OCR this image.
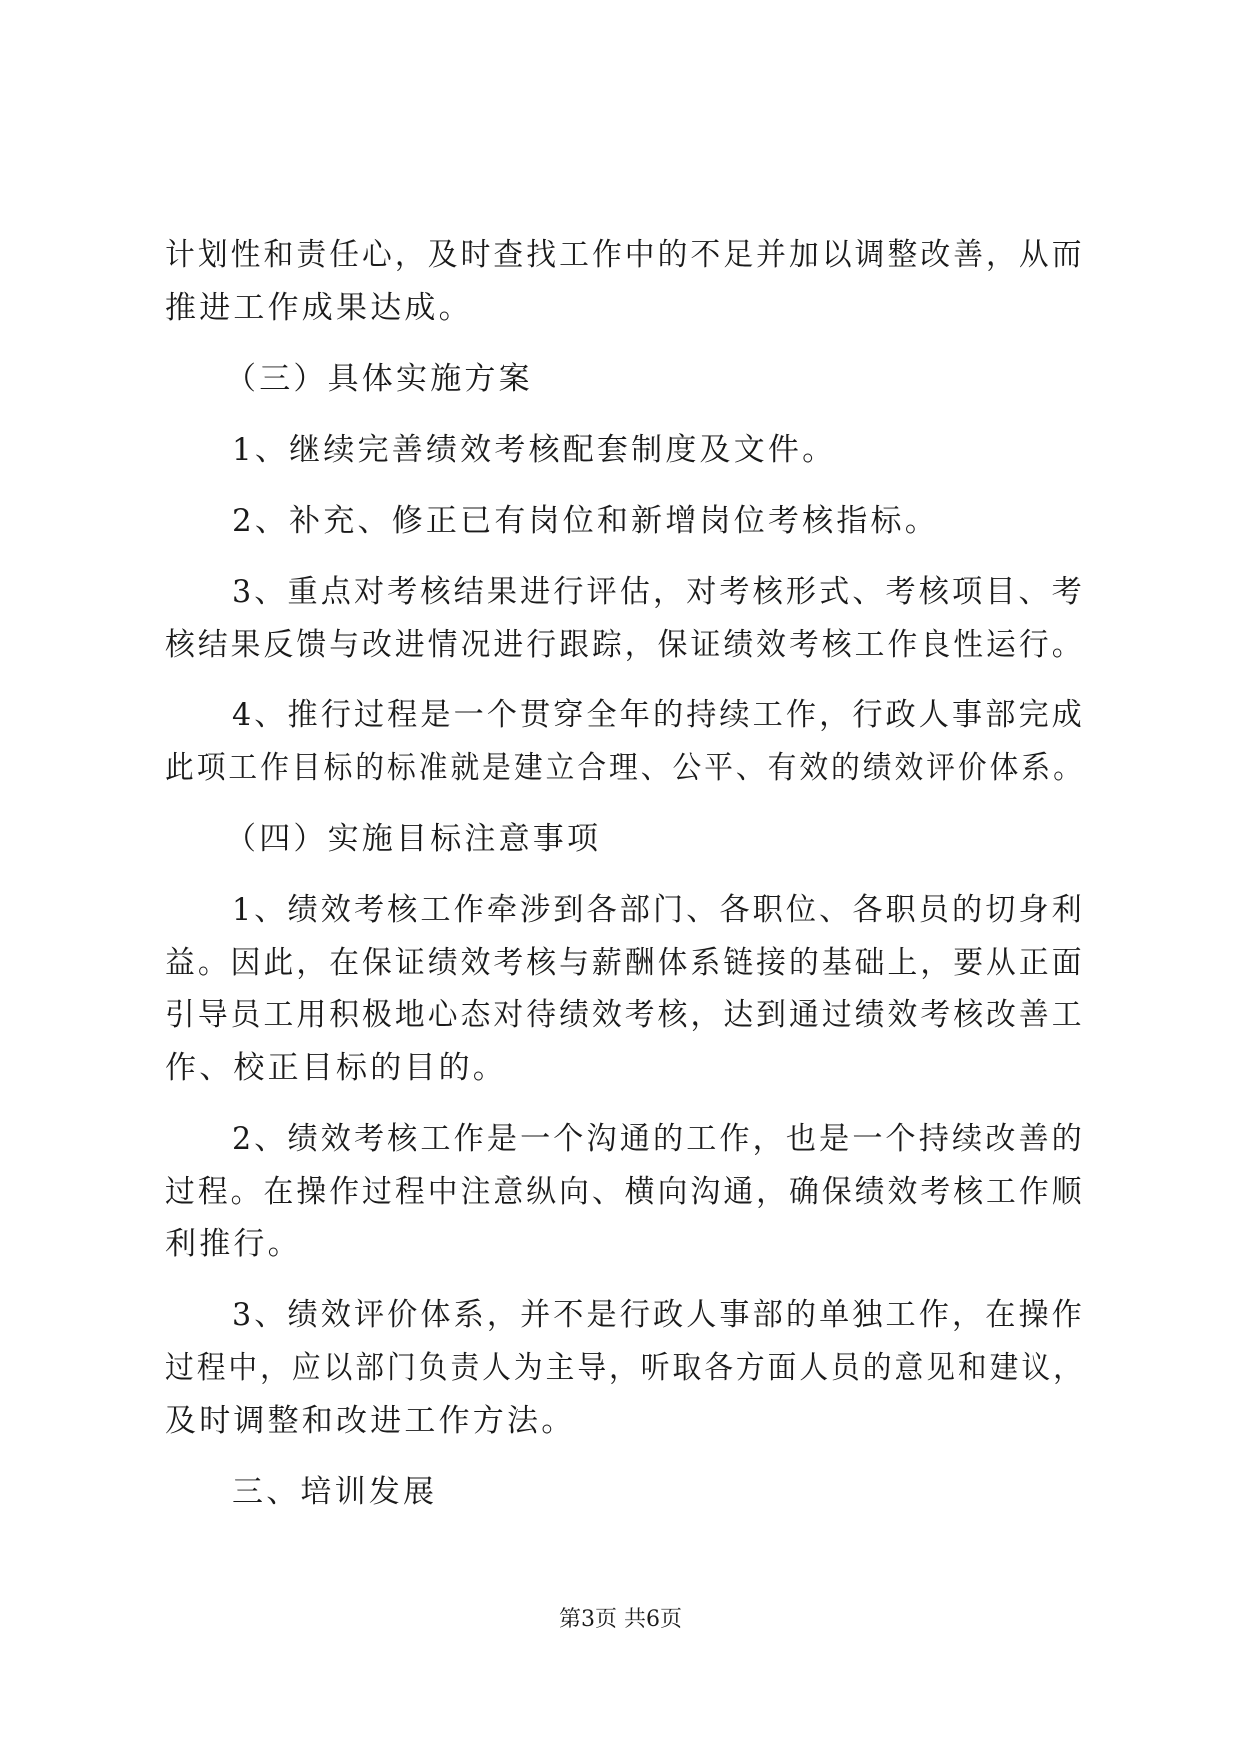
计划性和责任心，及时查找工作中的不足并加以调整改善，从而
推进工作成果达成。
（三）具体实施方案
1、继续完善绩效考核配套制度及文件。
2、补充、修正已有岗位和新增岗位考核指标。
3、重点对考核结果进行评估，对考核形式、考核项目、考
核结果反馈与改进情况进行跟踪，保证绩效考核工作良性运行。
4、推行过程是一个贯穿全年的持续工作，行政人事部完成
此项工作目标的标准就是建立合理、公平、有效的绩效评价体系。
（四）实施目标注意事项
1、绩效考核工作牵涉到各部门、各职位、各职员的切身利
益。因此，在保证绩效考核与薪酬体系链接的基础上，要从正面
引导员工用积极地心态对待绩效考核，达到通过绩效考核改善工
作、校正目标的目的。
2、绩效考核工作是一个沟通的工作，也是一个持续改善的
过程。在操作过程中注意纵向、横向沟通，确保绩效考核工作顺
利推行。
3、绩效评价体系，并不是行政人事部的单独工作，在操作
过程中，应以部门负责人为主导，听取各方面人员的意见和建议，
及时调整和改进工作方法。
三、培训发展
第3页 共6页
